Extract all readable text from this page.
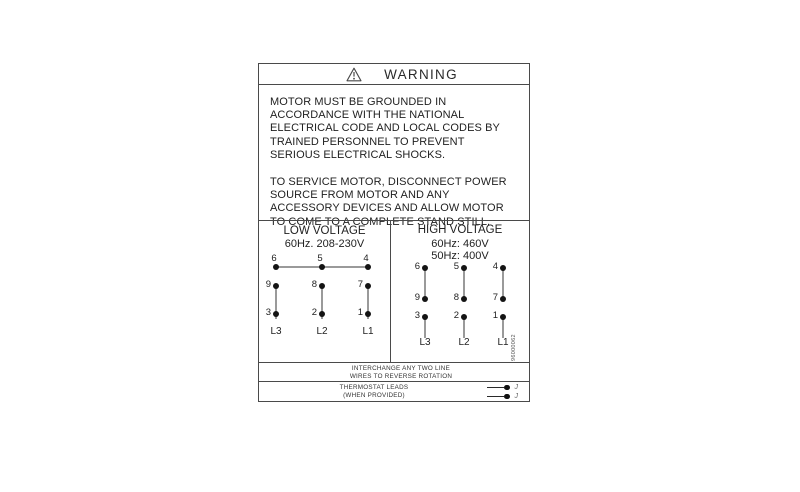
WARNING

MOTOR MUST BE GROUNDED IN ACCORDANCE WITH THE NATIONAL ELECTRICAL CODE AND LOCAL CODES BY TRAINED PERSONNEL TO PREVENT SERIOUS ELECTRICAL SHOCKS.

TO SERVICE MOTOR, DISCONNECT POWER SOURCE FROM MOTOR AND ANY ACCESSORY DEVICES AND ALLOW MOTOR TO COME TO A COMPLETE STAND STILL.

LOW VOLTAGE
60Hz. 208-230V
6	5	4
9	8	7
3	2	1
L3	L2	L1
HIGH VOLTAGE
60Hz: 460V
50Hz: 400V
6	5	4
9	8	7
3	2	1
L3	L2	L1 96000062
INTERCHANGE ANY TWO LINE
WIRES TO REVERSE ROTATION
THERMOSTAT LEADS
(WHEN PROVIDED)
J
J
